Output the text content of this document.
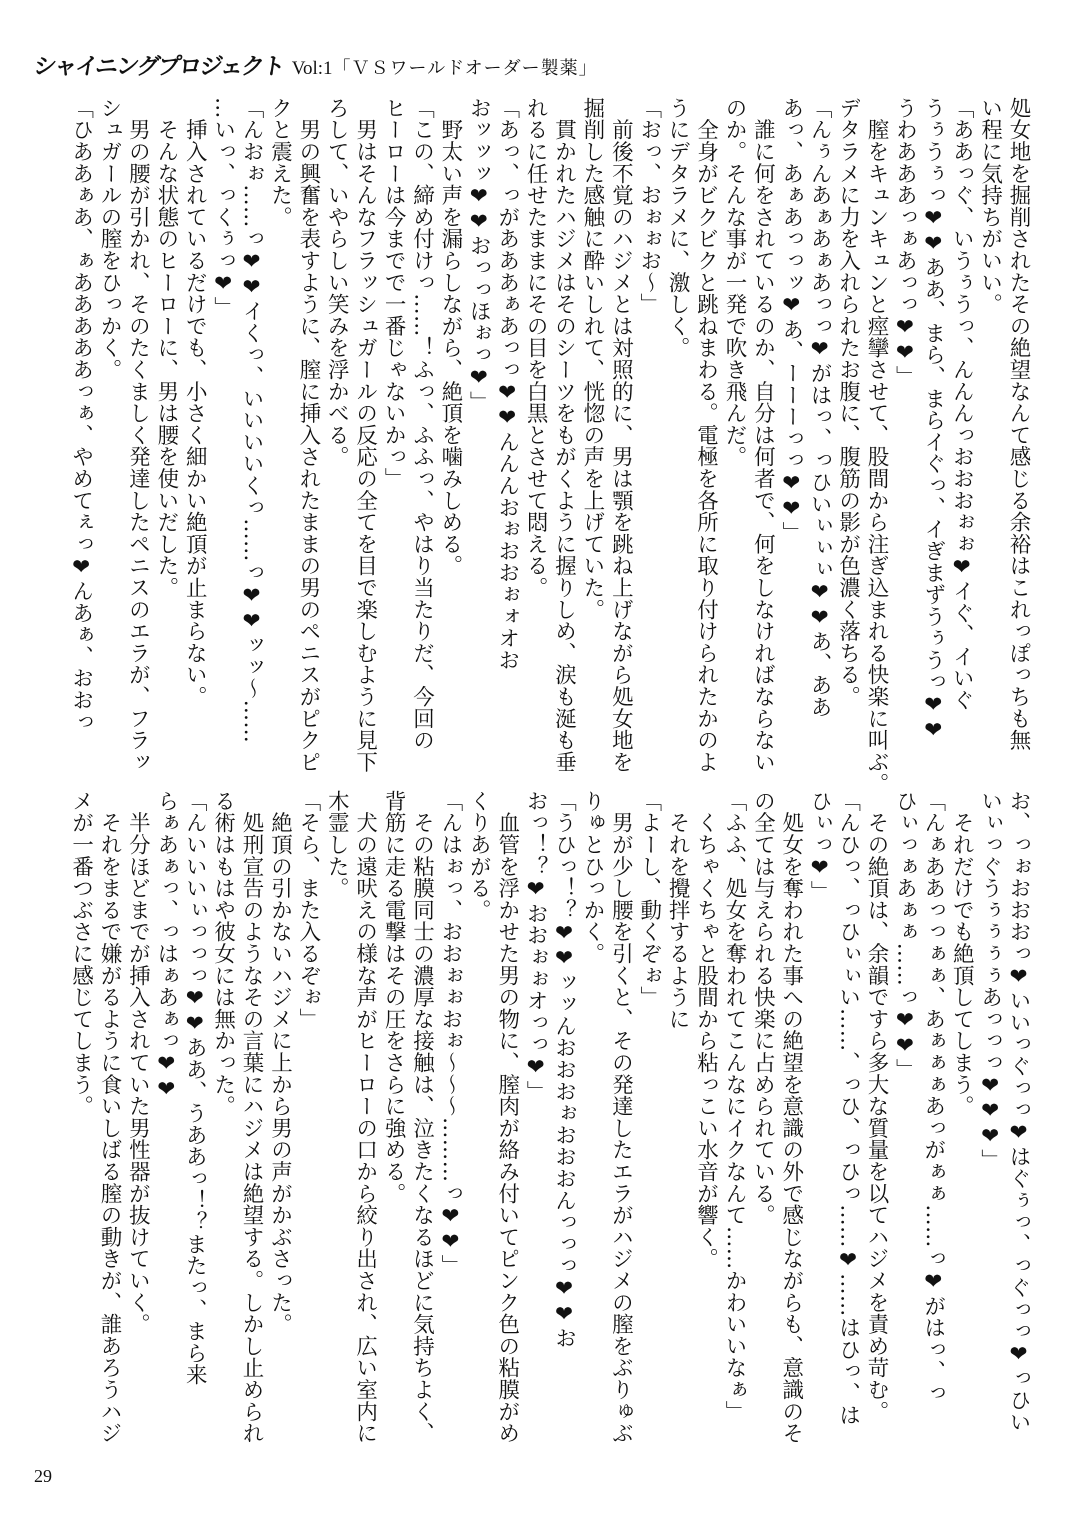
シャイニングプロジェクト Vol:1 「ＶＳワールドオーダー製薬」
処女地を掘削されたその絶望なんて感じる余裕はこれっぽっちも無
い程に気持ちがいい。
「ああっぐ、いうぅうっ、んんんっおおおぉぉ❤イぐ、イいぐ
うぅうぅっ❤❤ああ、まら、まらイぐっ、イぎまずうぅうっ❤❤
うわあああっぁあっっ❤❤」
　膣をキュンキュンと痙攣させて、股間から注ぎ込まれる快楽に叫ぶ。
デタラメに力を入れられたお腹に、腹筋の影が色濃く落ちる。
「んぅんあぁあぁあっっ❤がはっ、っひいぃぃぃ❤❤あ、ああ
あっ、あぁあっっッ❤あ、ーーーっっ❤❤」
　誰に何をされているのか、自分は何者で、何をしなければならない
のか。そんな事が一発で吹き飛んだ。
　全身がビクビクと跳ねまわる。電極を各所に取り付けられたかのよ
うにデタラメに、激しく。
「おっ、おぉぉお〜」
　前後不覚のハジメとは対照的に、男は顎を跳ね上げながら処女地を
掘削した感触に酔いしれて、恍惚の声を上げていた。
　貫かれたハジメはそのシーツをもがくように握りしめ、涙も涎も垂
れるに任せたままにその目を白黒とさせて悶える。
「あっ、っがあああぁあっっ❤❤んんんおぉおおぉォオお
おッッッ❤❤おっっほぉっ❤」
　野太い声を漏らしながら、絶頂を噛みしめる。
「この、締め付けっ……！ふっ、ふふっ、やはり当たりだ、今回の
ヒーローは今までで一番じゃないかっ」
　男はそんなフラッシュガールの反応の全てを目で楽しむように見下
ろして、いやらしい笑みを浮かべる。
　男の興奮を表すように、膣に挿入されたままの男のペニスがピクピ
クと震えた。
「んおぉ……っ❤❤イくっ、いいいいくっ……っ❤❤ッッ〜……
…いっ、っくぅっ❤」
　挿入されているだけでも、小さく細かい絶頂が止まらない。
　そんな状態のヒーローに、男は腰を使いだした。
　男の腰が引かれ、そのたくましく発達したペニスのエラが、フラッ
シュガールの膣をひっかく。
「ひああぁあ、ぁあああああっぁ、やめてぇっ❤んあぁ、おおっ
お、っぉおおおっ❤いいっぐっっ❤はぐぅっ、っぐっっ❤っひい
いぃっぐうぅぅぅぅあっっっ❤❤❤」
　それだけでも絶頂してしまう。
「んぁああっっぁぁ、あぁぁぁあっがぁぁ……っ❤がはっ、っ
ひぃっぁあぁぁ……っ❤❤」
　その絶頂は、余韻ですら多大な質量を以てハジメを責め苛む。
「んひっ、っひぃぃい……、っひ、っひっ……❤……はひっ、は
ひぃっ❤」
　処女を奪われた事への絶望を意識の外で感じながらも、意識のそ
の全ては与えられる快楽に占められている。
「ふふ、処女を奪われてこんなにイクなんて……かわいいなぁ」
　くちゃくちゃと股間から粘っこい水音が響く。
　それを攪拌するように
「よーし、動くぞぉ」
　男が少し腰を引くと、その発達したエラがハジメの膣をぶりゅぶ
りゅとひっかく。
「うひっ！？❤❤ッッんおおおぉおおおんっっっ❤❤お
おっ！？❤おおぉぉオっっ❤」
　血管を浮かせた男の物に、膣肉が絡み付いてピンク色の粘膜がめ
くりあがる。
「んはぉっ、おおぉぉおぉ〜〜〜………っ❤❤」
　その粘膜同士の濃厚な接触は、泣きたくなるほどに気持ちよく、
背筋に走る電撃はその圧をさらに強める。
　犬の遠吠えの様な声がヒーローの口から絞り出され、広い室内に
木霊した。
「そら、また入るぞぉ」
　絶頂の引かないハジメに上から男の声がかぶさった。
　処刑宣告のようなその言葉にハジメは絶望する。しかし止められ
る術はもはや彼女には無かった。
「んいいいぃっっっ❤❤ああ、うああっ！？またっ、まら来
らぁあぁっ、っはぁあぁっ❤❤
　半分ほどまでが挿入されていた男性器が抜けていく。
　それをまるで嫌がるように食いしばる膣の動きが、誰あろうハジ
メが一番つぶさに感じてしまう。
29
